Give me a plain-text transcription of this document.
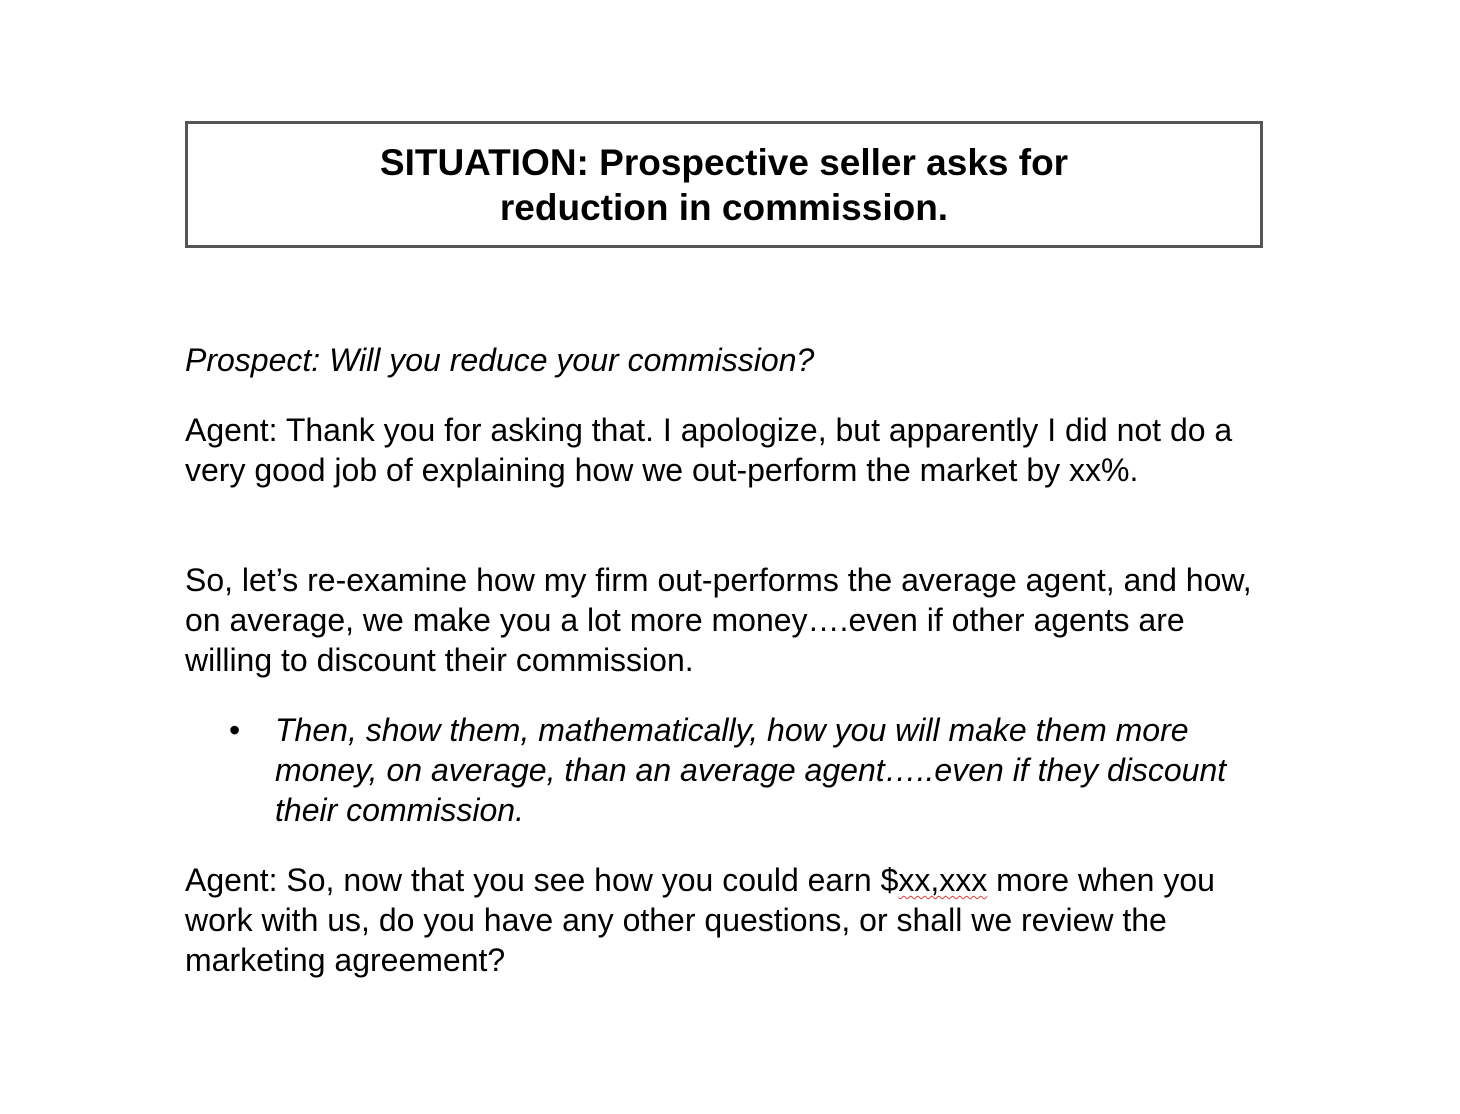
SITUATION: Prospective seller asks for
reduction in commission.
Prospect: Will you reduce your commission?
Agent: Thank you for asking that. I apologize, but apparently I did not do a very good job of explaining how we out-perform the market by xx%.
So, let’s re-examine how my firm out-performs the average agent, and how, on average, we make you a lot more money….even if other agents are willing to discount their commission.
• Then, show them, mathematically, how you will make them more money, on average, than an average agent…..even if they discount their commission.
Agent: So, now that you see how you could earn $xx,xxx more when you work with us, do you have any other questions, or shall we review the marketing agreement?
